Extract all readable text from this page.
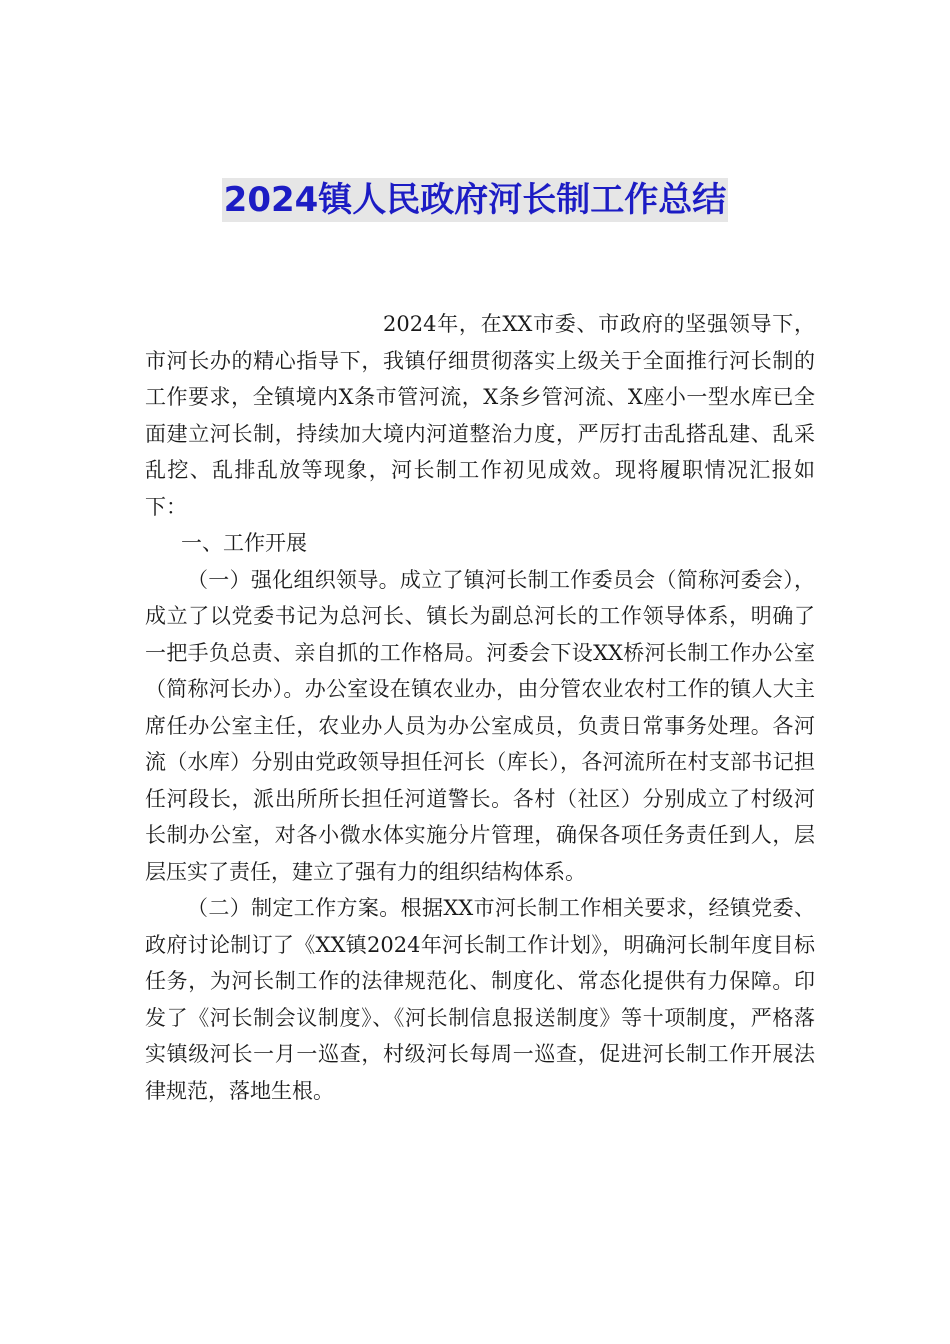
2024镇人民政府河长制工作总结

2024年，在XX市委、市政府的坚强领导下，市河长办的精心指导下，我镇仔细贯彻落实上级关于全面推行河长制的工作要求，全镇境内X条市管河流，X条乡管河流、X座小一型水库已全面建立河长制，持续加大境内河道整治力度，严厉打击乱搭乱建、乱采乱挖、乱排乱放等现象，河长制工作初见成效。现将履职情况汇报如下：

一、工作开展

（一）强化组织领导。成立了镇河长制工作委员会（简称河委会），成立了以党委书记为总河长、镇长为副总河长的工作领导体系，明确了一把手负总责、亲自抓的工作格局。河委会下设XX桥河长制工作办公室（简称河长办）。办公室设在镇农业办，由分管农业农村工作的镇人大主席任办公室主任，农业办人员为办公室成员，负责日常事务处理。各河流（水库）分别由党政领导担任河长（库长），各河流所在村支部书记担任河段长，派出所所长担任河道警长。各村（社区）分别成立了村级河长制办公室，对各小微水体实施分片管理，确保各项任务责任到人，层层压实了责任，建立了强有力的组织结构体系。

（二）制定工作方案。根据XX市河长制工作相关要求，经镇党委、政府讨论制订了《XX镇2024年河长制工作计划》，明确河长制年度目标任务，为河长制工作的法律规范化、制度化、常态化提供有力保障。印发了《河长制会议制度》、《河长制信息报送制度》等十项制度，严格落实镇级河长一月一巡查，村级河长每周一巡查，促进河长制工作开展法律规范，落地生根。
